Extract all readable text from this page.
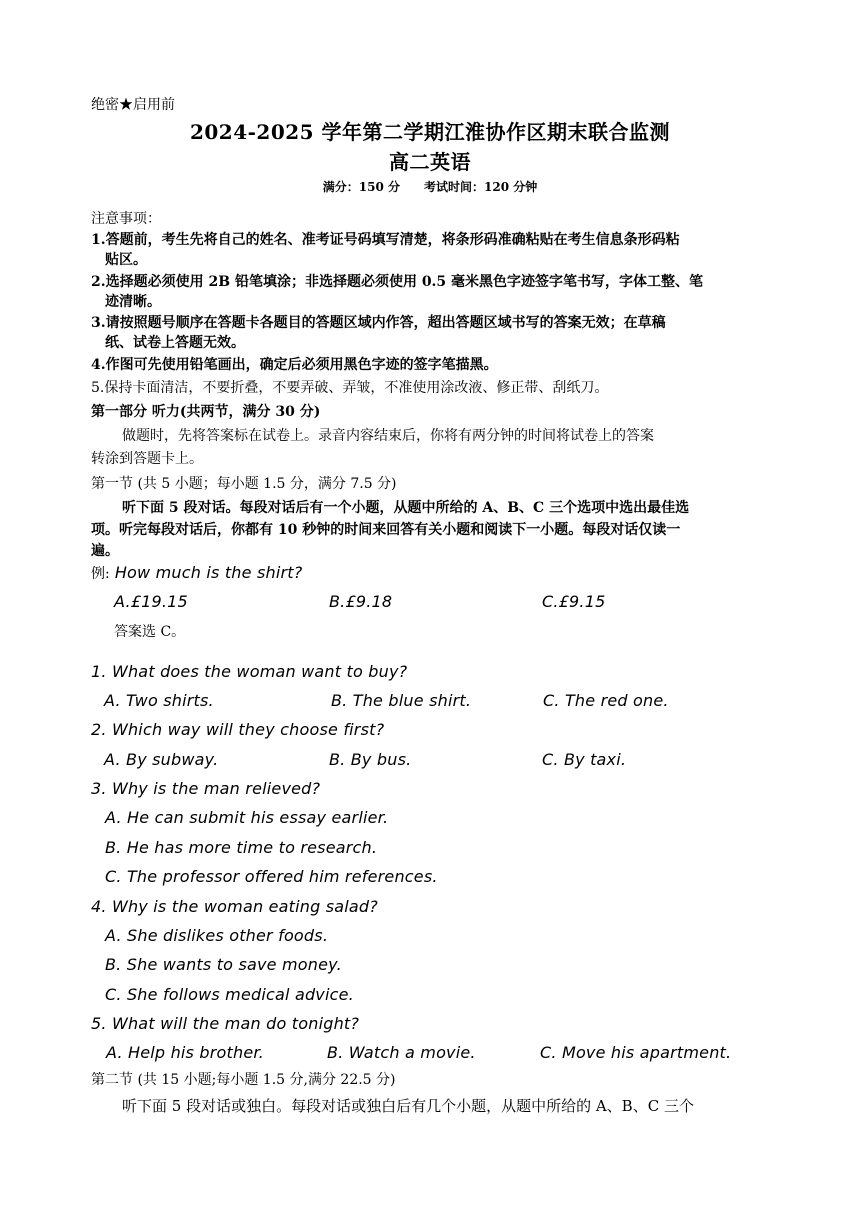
绝密★启用前
2024-2025 学年第二学期江淮协作区期末联合监测
高二英语
满分：150 分　　考试时间：120 分钟
注意事项：
1.答题前，考生先将自己的姓名、准考证号码填写清楚，将条形码准确粘贴在考生信息条形码粘
贴区。
2.选择题必须使用 2B 铅笔填涂；非选择题必须使用 0.5 毫米黑色字迹签字笔书写，字体工整、笔
迹清晰。
3.请按照题号顺序在答题卡各题目的答题区域内作答，超出答题区域书写的答案无效；在草稿
纸、试卷上答题无效。
4.作图可先使用铅笔画出，确定后必须用黑色字迹的签字笔描黑。
5.保持卡面清洁，不要折叠，不要弄破、弄皱，不准使用涂改液、修正带、刮纸刀。
第一部分 听力(共两节，满分 30 分)
做题时，先将答案标在试卷上。录音内容结束后，你将有两分钟的时间将试卷上的答案
转涂到答题卡上。
第一节 (共 5 小题；每小题 1.5 分，满分 7.5 分)
听下面 5 段对话。每段对话后有一个小题，从题中所给的 A、B、C 三个选项中选出最佳选
项。听完每段对话后，你都有 10 秒钟的时间来回答有关小题和阅读下一小题。每段对话仅读一
遍。
例: How much is the shirt?
A.£19.15	B.£9.18	C.£9.15
答案选 C。
1. What does the woman want to buy?
A. Two shirts.	B. The blue shirt.	C. The red one.
2. Which way will they choose first?
A. By subway.	B. By bus.	C. By taxi.
3. Why is the man relieved?
A. He can submit his essay earlier.
B. He has more time to research.
C. The professor offered him references.
4. Why is the woman eating salad?
A. She dislikes other foods.
B. She wants to save money.
C. She follows medical advice.
5. What will the man do tonight?
A. Help his brother.	B. Watch a movie.	C. Move his apartment.
第二节 (共 15 小题;每小题 1.5 分,满分 22.5 分)
听下面 5 段对话或独白。每段对话或独白后有几个小题，从题中所给的 A、B、C 三个
